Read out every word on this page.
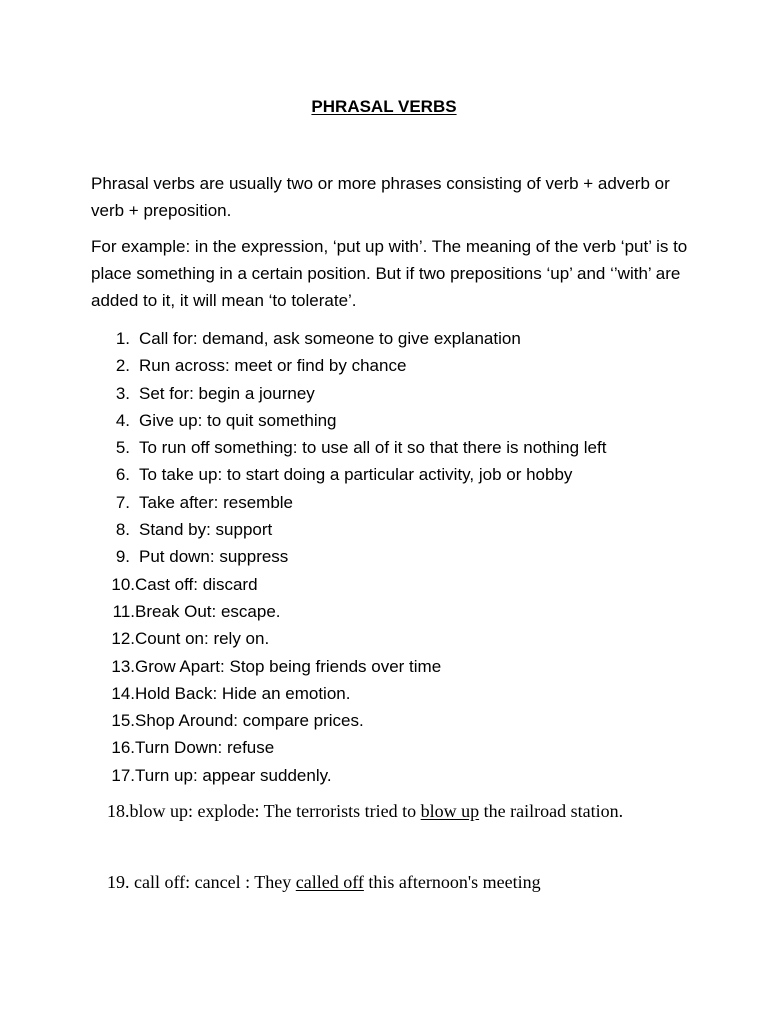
PHRASAL VERBS

Phrasal verbs are usually two or more phrases consisting of verb + adverb or verb + preposition.

For example: in the expression, ‘put up with’. The meaning of the verb ‘put’ is to place something in a certain position. But if two prepositions ‘up’ and ‘’with’ are added to it, it will mean ‘to tolerate’.

1. Call for: demand, ask someone to give explanation
2. Run across: meet or find by chance
3. Set for: begin a journey
4. Give up: to quit something
5. To run off something: to use all of it so that there is nothing left
6. To take up: to start doing a particular activity, job or hobby
7. Take after: resemble
8. Stand by: support
9. Put down: suppress
10. Cast off: discard
11. Break Out: escape.
12. Count on: rely on.
13. Grow Apart: Stop being friends over time
14. Hold Back: Hide an emotion.
15. Shop Around: compare prices.
16. Turn Down: refuse
17. Turn up: appear suddenly.

18.blow up: explode: The terrorists tried to blow up the railroad station.

19. call off: cancel : They called off this afternoon's meeting
